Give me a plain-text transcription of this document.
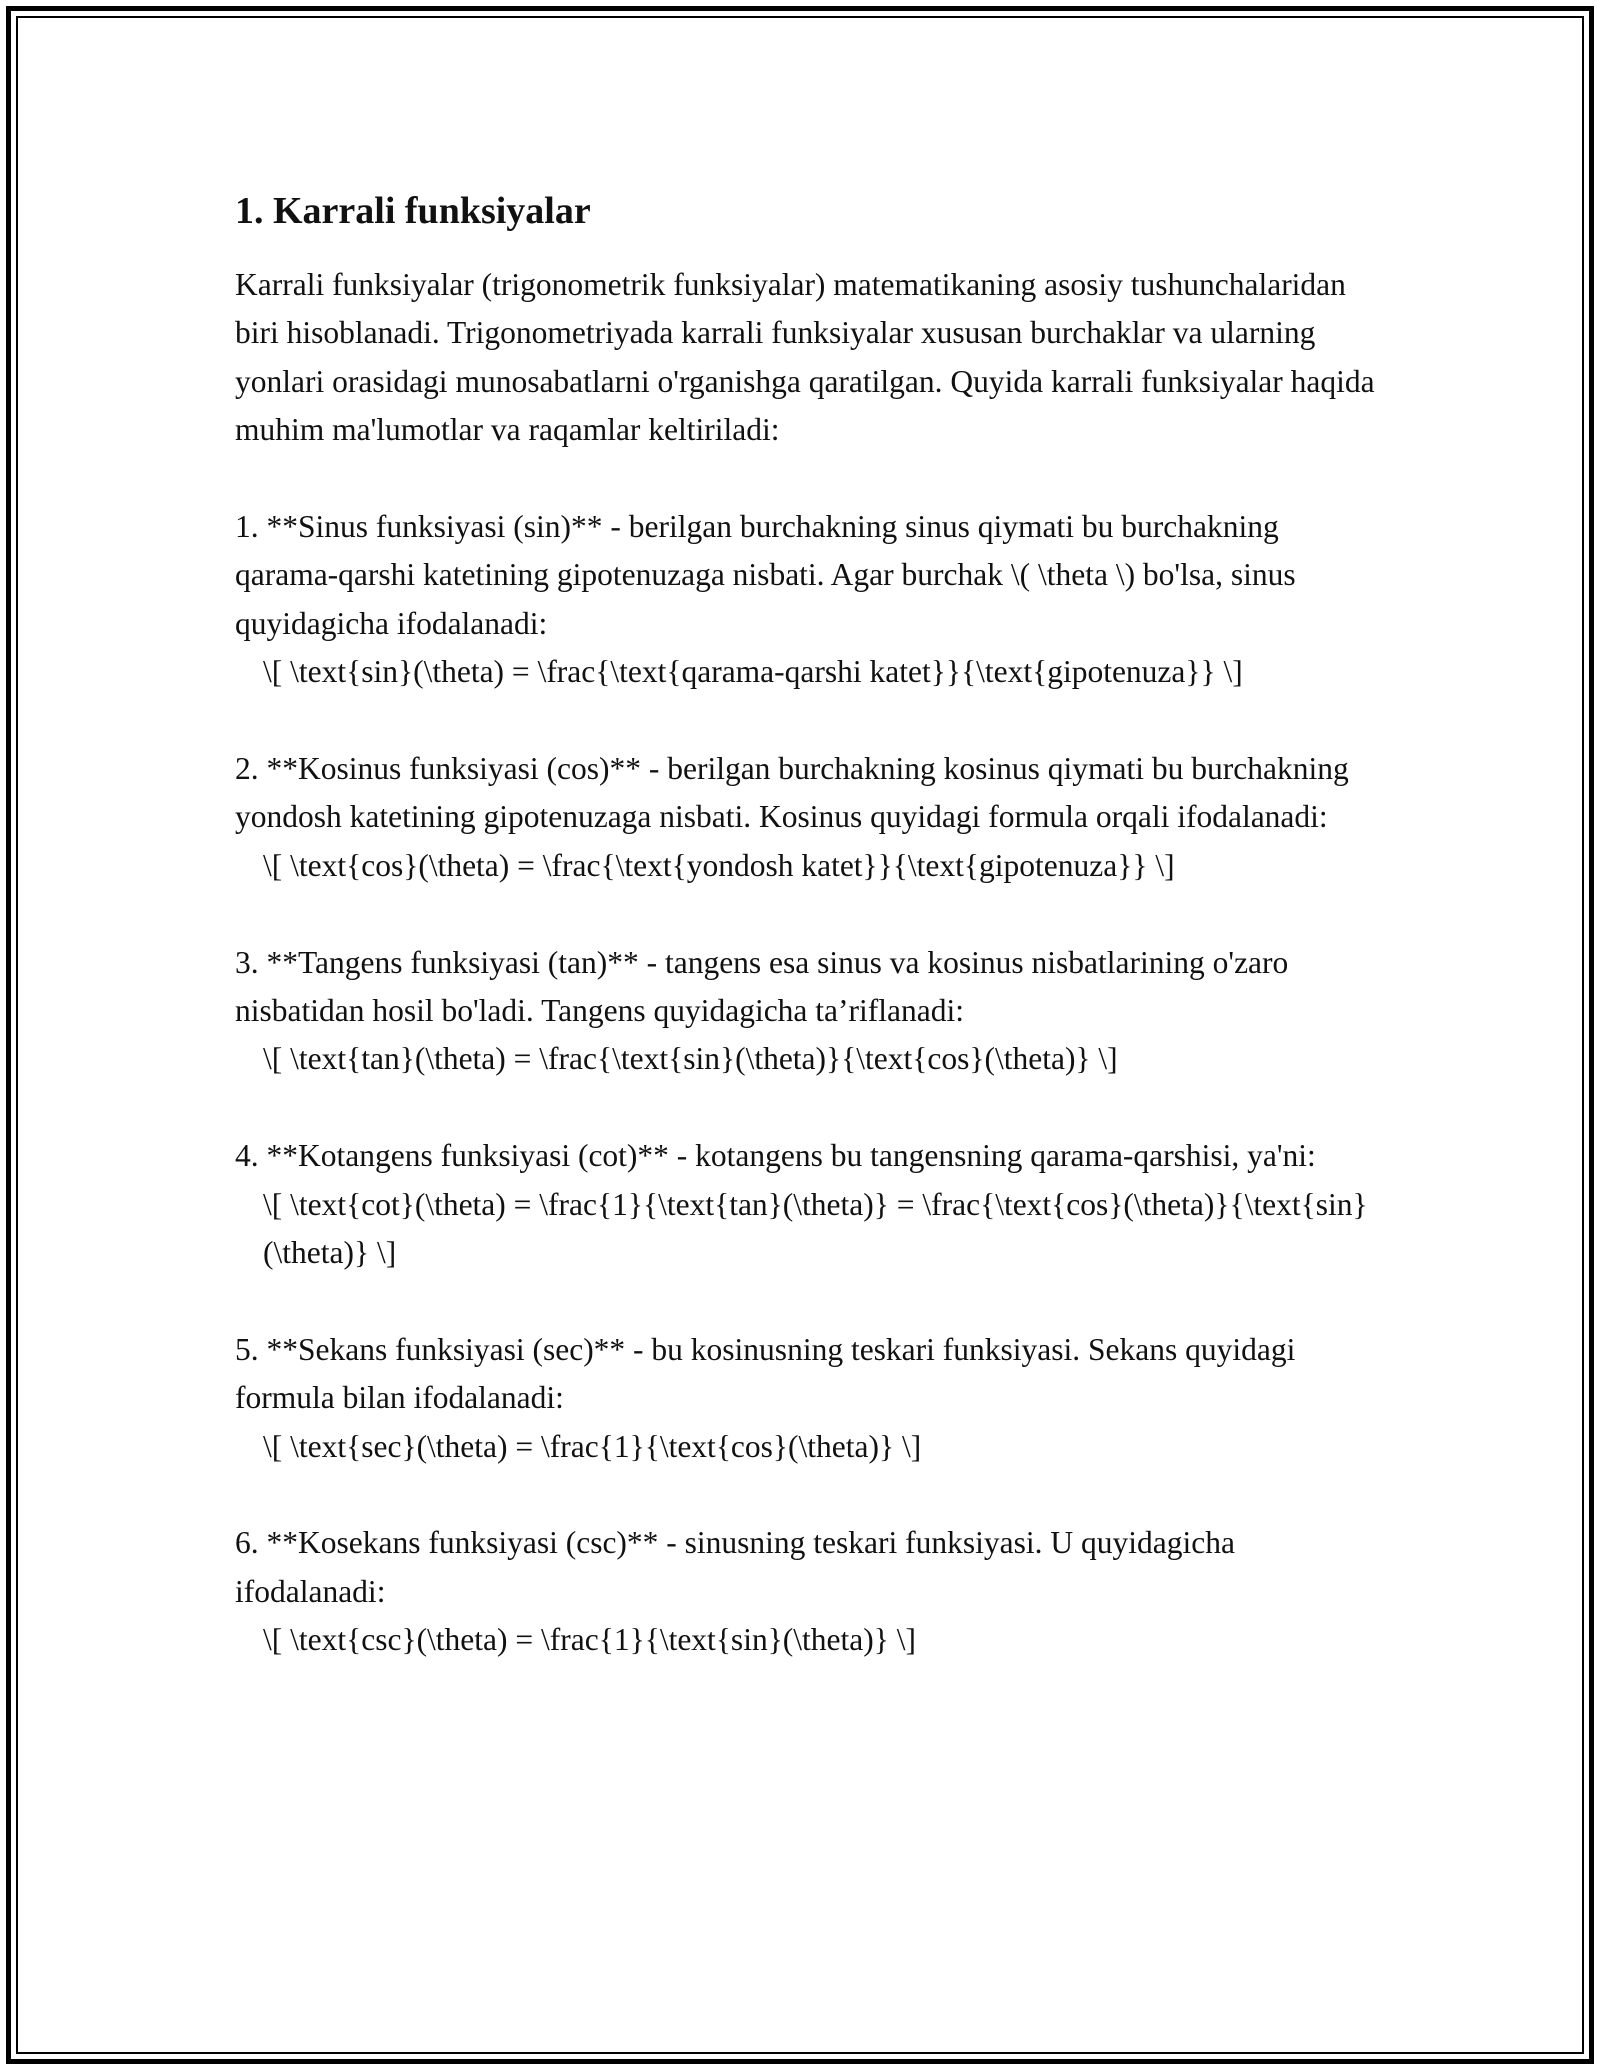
1. Karrali funksiyalar

Karrali funksiyalar (trigonometrik funksiyalar) matematikaning asosiy tushunchalaridan biri hisoblanadi. Trigonometriyada karrali funksiyalar xususan burchaklar va ularning yonlari orasidagi munosabatlarni o'rganishga qaratilgan. Quyida karrali funksiyalar haqida muhim ma'lumotlar va raqamlar keltiriladi:

1. **Sinus funksiyasi (sin)** - berilgan burchakning sinus qiymati bu burchakning qarama-qarshi katetining gipotenuzaga nisbati. Agar burchak \( \theta \) bo'lsa, sinus quyidagicha ifodalanadi:

\[ \text{sin}(\theta) = \frac{\text{qarama-qarshi katet}}{\text{gipotenuza}} \]

2. **Kosinus funksiyasi (cos)** - berilgan burchakning kosinus qiymati bu burchakning yondosh katetining gipotenuzaga nisbati. Kosinus quyidagi formula orqali ifodalanadi:

\[ \text{cos}(\theta) = \frac{\text{yondosh katet}}{\text{gipotenuza}} \]

3. **Tangens funksiyasi (tan)** - tangens esa sinus va kosinus nisbatlarining o'zaro nisbatidan hosil bo'ladi. Tangens quyidagicha ta’riflanadi:

\[ \text{tan}(\theta) = \frac{\text{sin}(\theta)}{\text{cos}(\theta)} \]

4. **Kotangens funksiyasi (cot)** - kotangens bu tangensning qarama-qarshisi, ya'ni:

\[ \text{cot}(\theta) = \frac{1}{\text{tan}(\theta)} = \frac{\text{cos}(\theta)}{\text{sin}(\theta)} \]

5. **Sekans funksiyasi (sec)** - bu kosinusning teskari funksiyasi. Sekans quyidagi formula bilan ifodalanadi:

\[ \text{sec}(\theta) = \frac{1}{\text{cos}(\theta)} \]

6. **Kosekans funksiyasi (csc)** - sinusning teskari funksiyasi. U quyidagicha ifodalanadi:

\[ \text{csc}(\theta) = \frac{1}{\text{sin}(\theta)} \]
